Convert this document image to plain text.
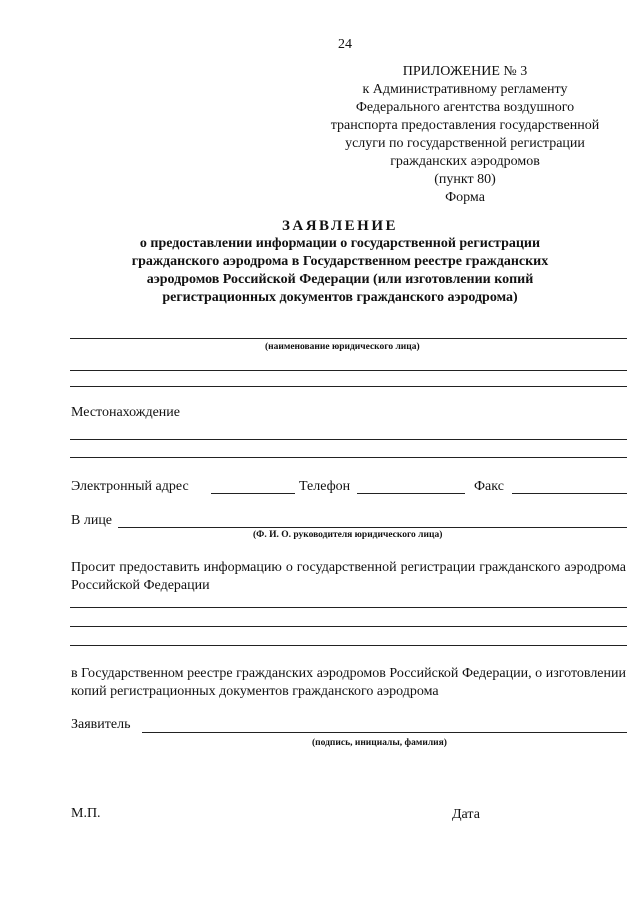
24
ПРИЛОЖЕНИЕ № 3
к Административному регламенту
Федерального агентства воздушного
транспорта предоставления государственной
услуги по государственной регистрации
гражданских аэродромов
(пункт 80)
Форма
ЗАЯВЛЕНИЕ
о предоставлении информации о государственной регистрации
гражданского аэродрома в Государственном реестре гражданских
аэродромов Российской Федерации (или изготовлении копий
регистрационных документов гражданского аэродрома)
(наименование юридического лица)
Местонахождение
Электронный адрес	Телефон	Факс
В лице
(Ф. И. О. руководителя юридического лица)
Просит предоставить информацию о государственной регистрации гражданского аэродрома Российской Федерации
в Государственном реестре гражданских аэродромов Российской Федерации, о изготовлении копий регистрационных документов гражданского аэродрома
Заявитель
(подпись, инициалы, фамилия)
М.П.	Дата
